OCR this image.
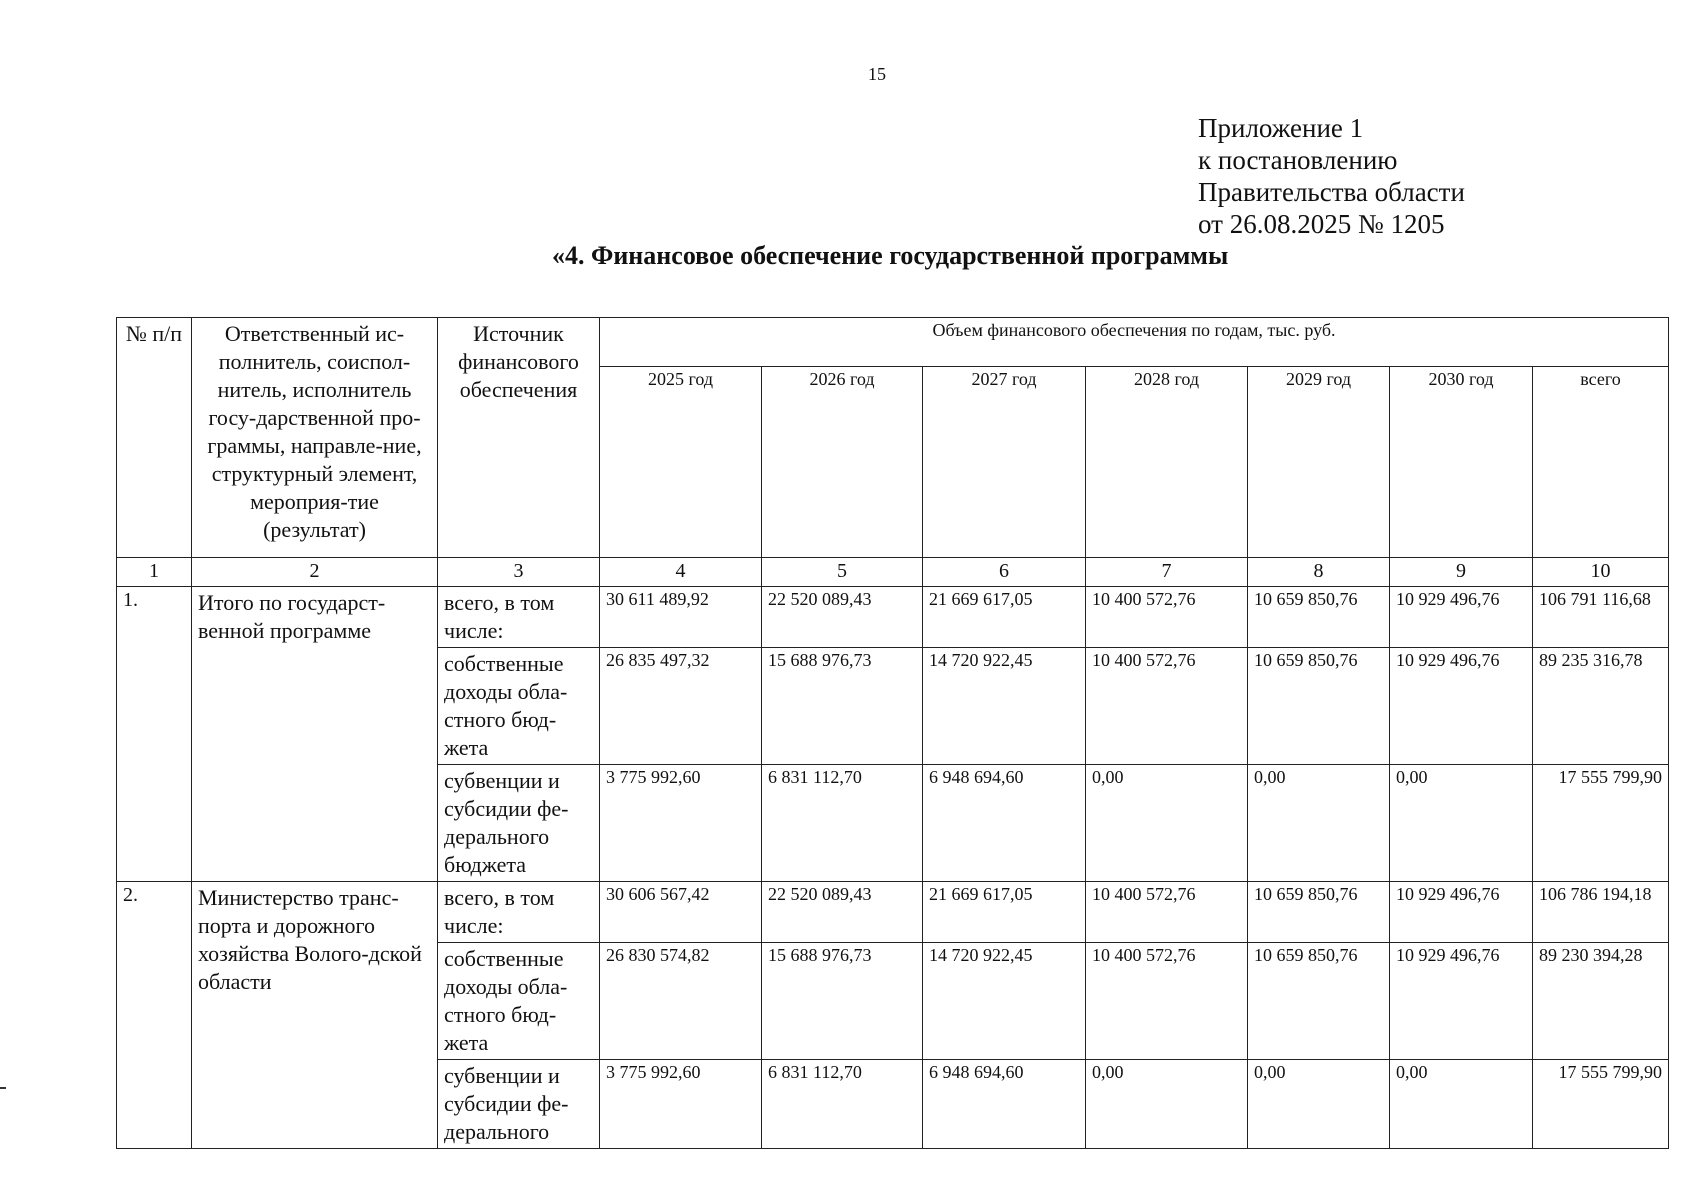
15
Приложение 1
к постановлению
Правительства области
от 26.08.2025 № 1205
«4. Финансовое обеспечение государственной программы
№ п/п	Ответственный ис-полнитель, соиспол-нитель, исполнитель госу-дарственной про-граммы, направле-ние, структурный элемент, мероприя-тие (результат)	Источник финансового обеспечения	Объем финансового обеспечения по годам, тыс. руб.						
			2025 год	2026 год	2027 год	2028 год	2029 год	2030 год	всего
1	2	3	4	5	6	7	8	9	10
1.	Итого по государст-венной программе	всего, в том числе:	30 611 489,92	22 520 089,43	21 669 617,05	10 400 572,76	10 659 850,76	10 929 496,76	106 791 116,68
		собственные доходы обла-стного бюд-жета	26 835 497,32	15 688 976,73	14 720 922,45	10 400 572,76	10 659 850,76	10 929 496,76	89 235 316,78
		субвенции и субсидии фе-дерального бюджета	3 775 992,60	6 831 112,70	6 948 694,60	0,00	0,00	0,00	17 555 799,90
2.	Министерство транс-порта и дорожного хозяйства Волого-дской области	всего, в том числе:	30 606 567,42	22 520 089,43	21 669 617,05	10 400 572,76	10 659 850,76	10 929 496,76	106 786 194,18
		собственные доходы обла-стного бюд-жета	26 830 574,82	15 688 976,73	14 720 922,45	10 400 572,76	10 659 850,76	10 929 496,76	89 230 394,28
		субвенции и субсидии фе-дерального	3 775 992,60	6 831 112,70	6 948 694,60	0,00	0,00	0,00	17 555 799,90
